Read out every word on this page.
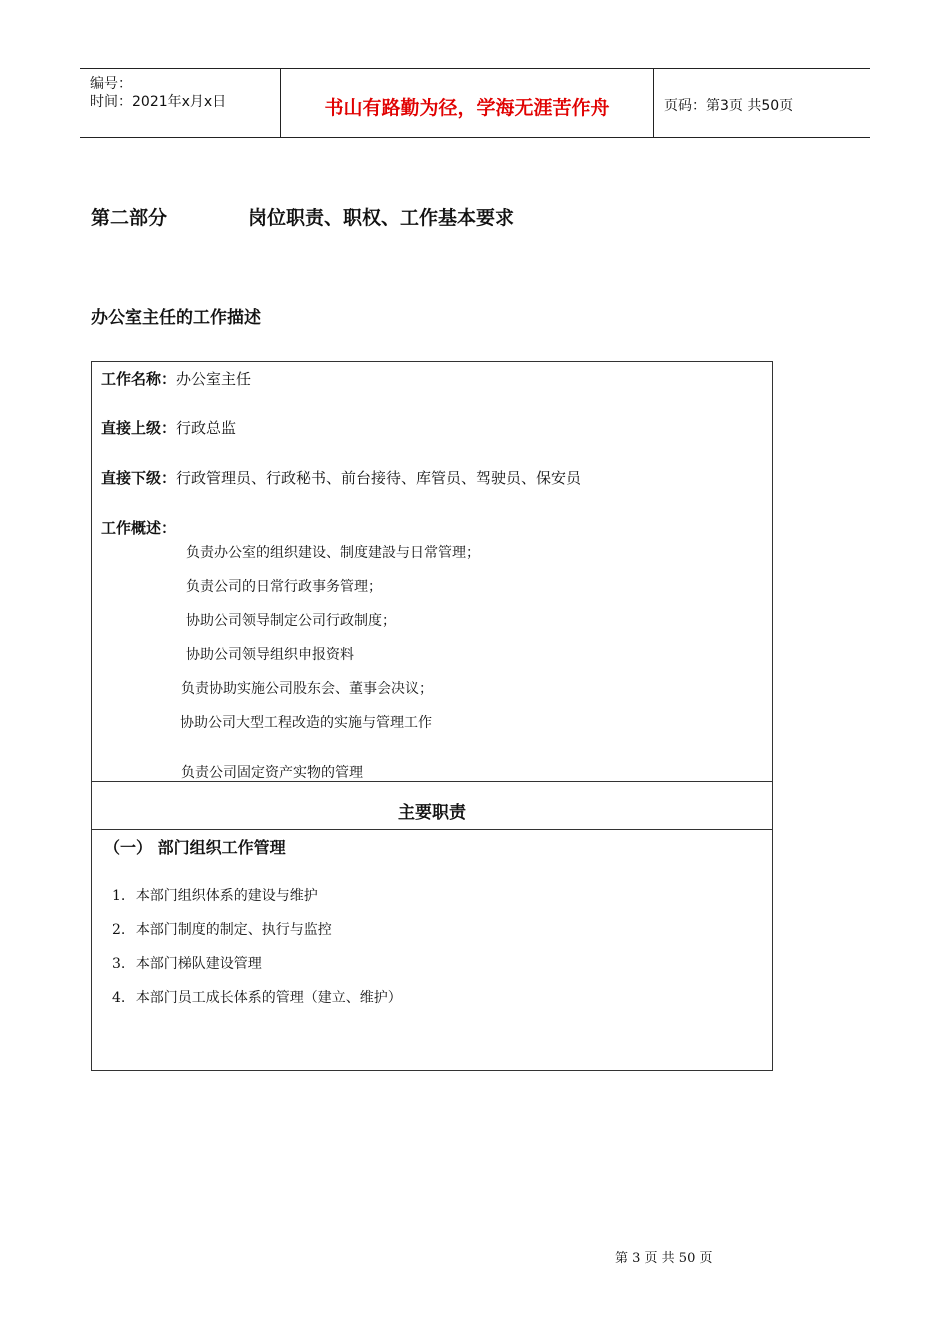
编号：
时间：2021年x月x日	书山有路勤为径，学海无涯苦作舟	页码：第3页 共50页
第二部分	岗位职责、职权、工作基本要求
办公室主任的工作描述
工作名称：办公室主任
直接上级：行政总监
直接下级：行政管理员、行政秘书、前台接待、库管员、驾驶员、保安员
工作概述：
负责办公室的组织建设、制度建設与日常管理；
负责公司的日常行政事务管理；
协助公司领导制定公司行政制度；
协助公司领导组织申报资料
负责协助实施公司股东会、董事会决议；
协助公司大型工程改造的实施与管理工作
负责公司固定资产实物的管理
主要职责
（一） 部门组织工作管理
1. 本部门组织体系的建设与维护
2. 本部门制度的制定、执行与监控
3. 本部门梯队建设管理
4. 本部门员工成长体系的管理（建立、维护）
第 3 页 共 50 页
